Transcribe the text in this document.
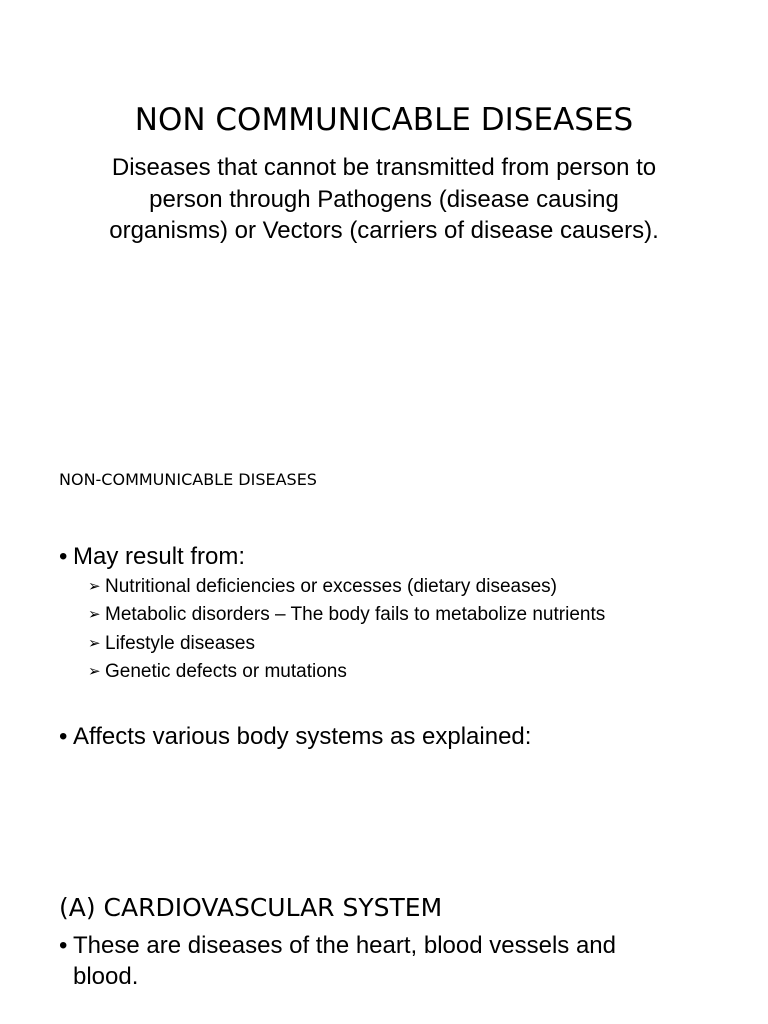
NON COMMUNICABLE DISEASES
Diseases that cannot be transmitted from person to person through Pathogens (disease causing organisms) or Vectors (carriers of disease causers).
NON-COMMUNICABLE DISEASES
• May result from:
➢ Nutritional deficiencies or excesses (dietary diseases)
➢ Metabolic disorders – The body fails to metabolize nutrients
➢ Lifestyle diseases
➢ Genetic defects or mutations
• Affects various body systems as explained:
(A) CARDIOVASCULAR SYSTEM
• These are diseases of the heart, blood vessels and blood.
